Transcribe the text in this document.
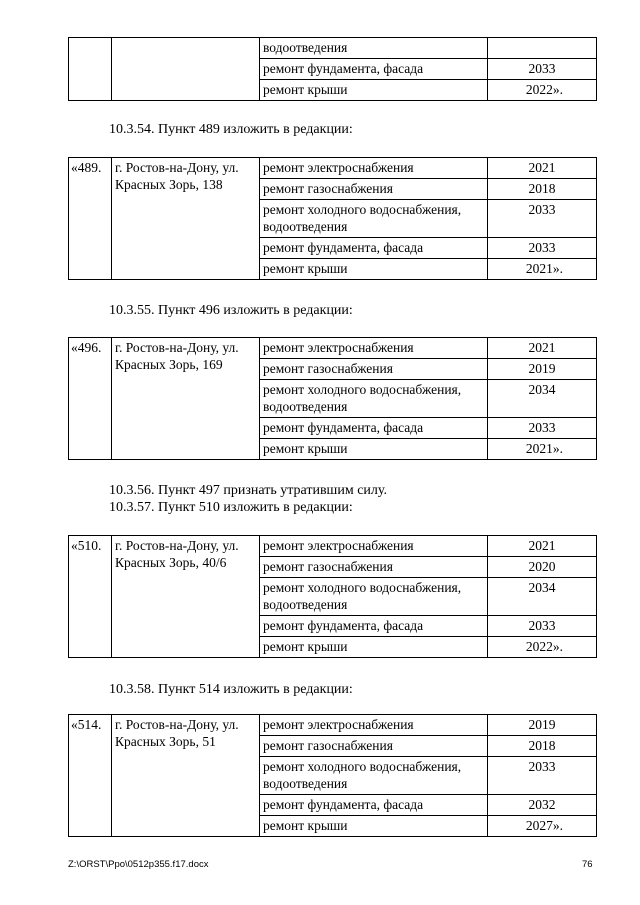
		водоотведения	
		ремонт фундамента, фасада	2033
		ремонт крыши	2022».
10.3.54. Пункт 489 изложить в редакции:
«489.	г. Ростов-на-Дону, ул. Красных Зорь, 138	ремонт электроснабжения	2021
		ремонт газоснабжения	2018
		ремонт холодного водоснабжения, водоотведения	2033
		ремонт фундамента, фасада	2033
		ремонт крыши	2021».
10.3.55. Пункт 496 изложить в редакции:
«496.	г. Ростов-на-Дону, ул. Красных Зорь, 169	ремонт электроснабжения	2021
		ремонт газоснабжения	2019
		ремонт холодного водоснабжения, водоотведения	2034
		ремонт фундамента, фасада	2033
		ремонт крыши	2021».
10.3.56. Пункт 497 признать утратившим силу.
10.3.57. Пункт 510 изложить в редакции:
«510.	г. Ростов-на-Дону, ул. Красных Зорь, 40/6	ремонт электроснабжения	2021
		ремонт газоснабжения	2020
		ремонт холодного водоснабжения, водоотведения	2034
		ремонт фундамента, фасада	2033
		ремонт крыши	2022».
10.3.58. Пункт 514 изложить в редакции:
«514.	г. Ростов-на-Дону, ул. Красных Зорь, 51	ремонт электроснабжения	2019
		ремонт газоснабжения	2018
		ремонт холодного водоснабжения, водоотведения	2033
		ремонт фундамента, фасада	2032
		ремонт крыши	2027».
Z:\ORST\Ppo\0512p355.f17.docx	76
